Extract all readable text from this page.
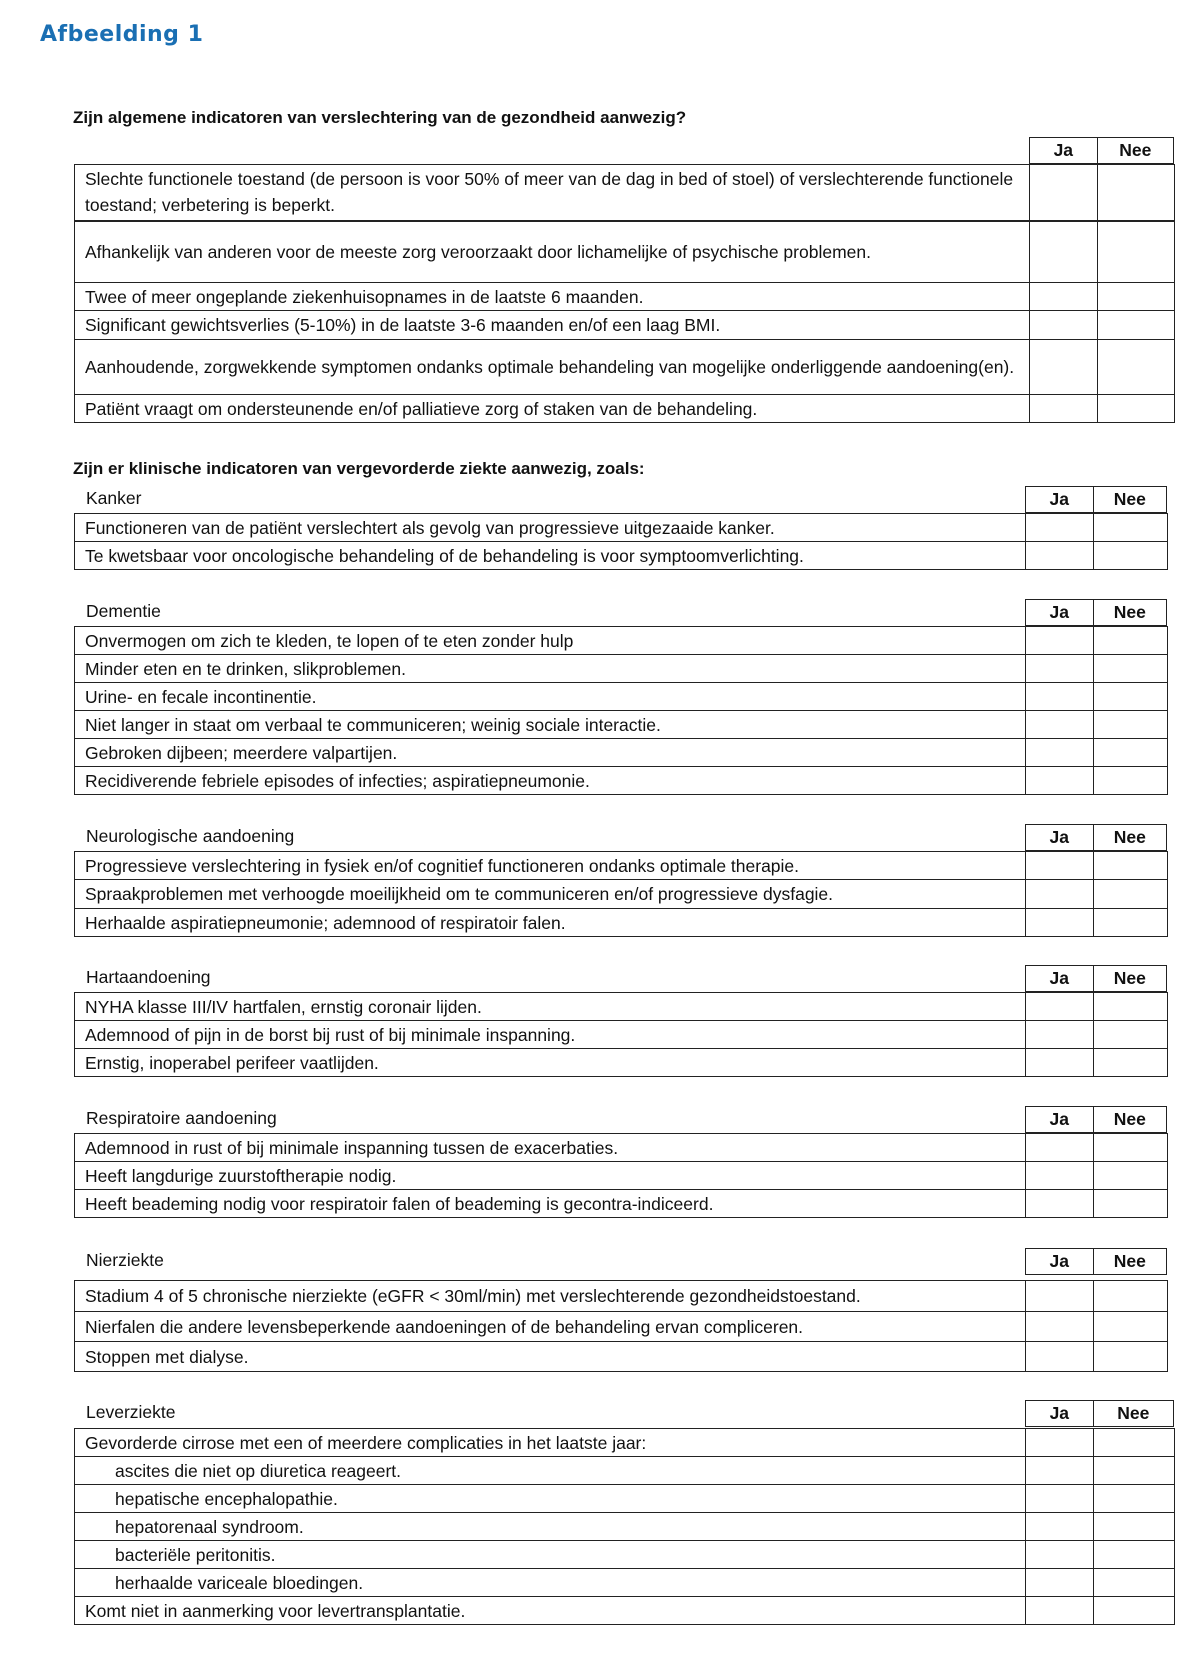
Afbeelding 1
Zijn algemene indicatoren van verslechtering van de gezondheid aanwezig?
Ja	Nee
Slechte functionele toestand (de persoon is voor 50% of meer van de dag in bed of stoel) of verslechterende functionele toestand; verbetering is beperkt.		
Afhankelijk van anderen voor de meeste zorg veroorzaakt door lichamelijke of psychische problemen.		
Twee of meer ongeplande ziekenhuisopnames in de laatste 6 maanden.		
Significant gewichtsverlies (5-10%) in de laatste 3-6 maanden en/of een laag BMI.		
Aanhoudende, zorgwekkende symptomen ondanks optimale behandeling van mogelijke onderliggende aandoening(en).		
Patiënt vraagt om ondersteunende en/of palliatieve zorg of staken van de behandeling.		
Zijn er klinische indicatoren van vergevorderde ziekte aanwezig, zoals:
Kanker	Ja	Nee
Functioneren van de patiënt verslechtert als gevolg van progressieve uitgezaaide kanker.		
Te kwetsbaar voor oncologische behandeling of de behandeling is voor symptoomverlichting.		
Dementie	Ja	Nee
Onvermogen om zich te kleden, te lopen of te eten zonder hulp		
Minder eten en te drinken, slikproblemen.		
Urine- en fecale incontinentie.		
Niet langer in staat om verbaal te communiceren; weinig sociale interactie.		
Gebroken dijbeen; meerdere valpartijen.		
Recidiverende febriele episodes of infecties; aspiratiepneumonie.		
Neurologische aandoening	Ja	Nee
Progressieve verslechtering in fysiek en/of cognitief functioneren ondanks optimale therapie.		
Spraakproblemen met verhoogde moeilijkheid om te communiceren en/of progressieve dysfagie.		
Herhaalde aspiratiepneumonie; ademnood of respiratoir falen.		
Hartaandoening	Ja	Nee
NYHA klasse III/IV hartfalen, ernstig coronair lijden.		
Ademnood of pijn in de borst bij rust of bij minimale inspanning.		
Ernstig, inoperabel perifeer vaatlijden.		
Respiratoire aandoening	Ja	Nee
Ademnood in rust of bij minimale inspanning tussen de exacerbaties.		
Heeft langdurige zuurstoftherapie nodig.		
Heeft beademing nodig voor respiratoir falen of beademing is gecontra-indiceerd.		
Nierziekte	Ja	Nee
Stadium 4 of 5 chronische nierziekte (eGFR < 30ml/min) met verslechterende gezondheidstoestand.		
Nierfalen die andere levensbeperkende aandoeningen of de behandeling ervan compliceren.		
Stoppen met dialyse.		
Leverziekte	Ja	Nee
Gevorderde cirrose met een of meerdere complicaties in het laatste jaar:		
ascites die niet op diuretica reageert.		
hepatische encephalopathie.		
hepatorenaal syndroom.		
bacteriële peritonitis.		
herhaalde variceale bloedingen.		
Komt niet in aanmerking voor levertransplantatie.		
